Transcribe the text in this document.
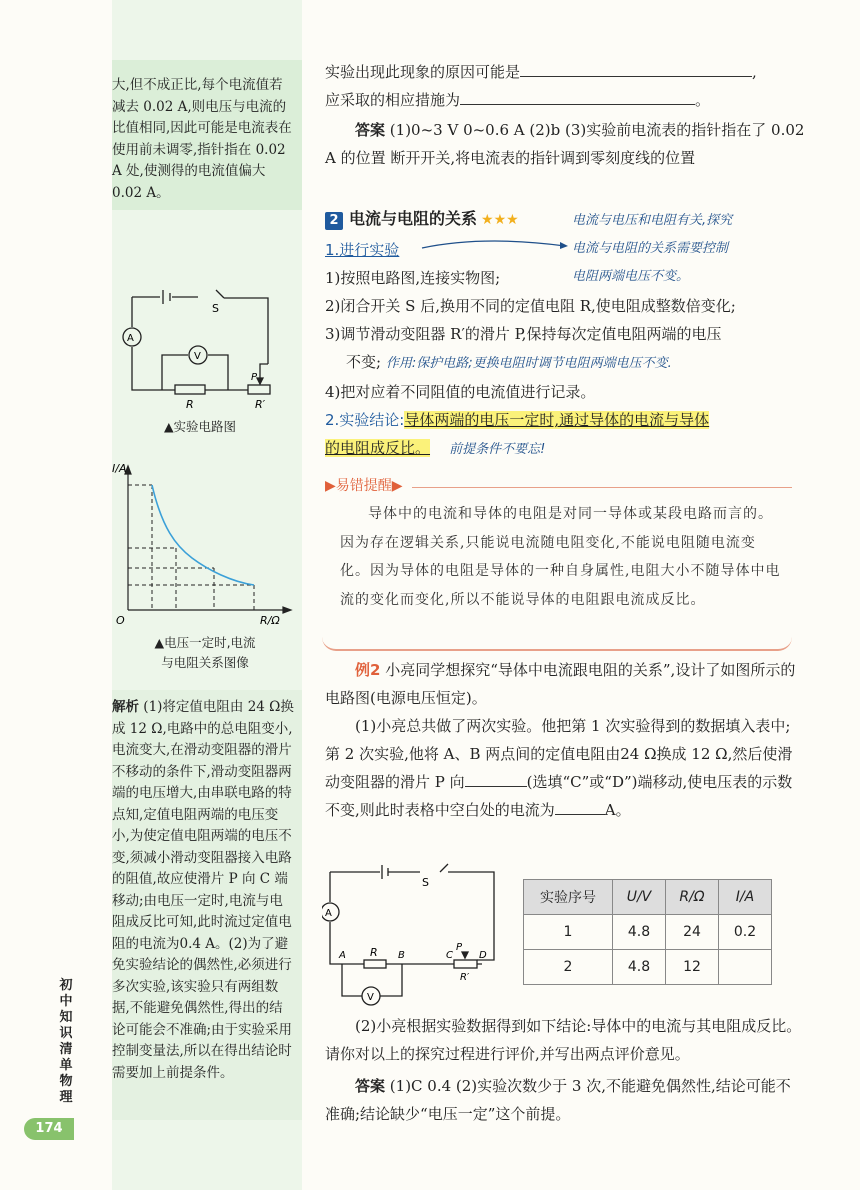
大,但不成正比,每个电流值若减去 0.02 A,则电压与电流的比值相同,因此可能是电流表在使用前未调零,指针指在 0.02 A 处,使测得的电流值偏大 0.02 A。
A
V
S
R	R′
P
▲实验电路图
I/A
R/Ω
O
▲电压一定时,电流
与电阻关系图像
解析 (1)将定值电阻由 24 Ω换成 12 Ω,电路中的总电阻变小,电流变大,在滑动变阻器的滑片不移动的条件下,滑动变阻器两端的电压增大,由串联电路的特点知,定值电阻两端的电压变小,为使定值电阻两端的电压不变,须减小滑动变阻器接入电路的阻值,故应使滑片 P 向 C 端移动;由电压一定时,电流与电阻成反比可知,此时流过定值电阻的电流为0.4 A。(2)为了避免实验结论的偶然性,必须进行多次实验,该实验只有两组数据,不能避免偶然性,得出的结论可能会不准确;由于实验采用控制变量法,所以在得出结论时需要加上前提条件。
初中知识清单 物理
174
实验出现此现象的原因可能是	,
应采取的相应措施为	。
答案 (1)0~3 V 0~0.6 A (2)b (3)实验前电流表的指针指在了 0.02 A 的位置 断开开关,将电流表的指针调到零刻度线的位置
2 电流与电阻的关系 ★★★	电流与电压和电阻有关,探究
电流与电阻的关系需要控制
电阻两端电压不变。
1.进行实验
1)按照电路图,连接实物图;
2)闭合开关 S 后,换用不同的定值电阻 R,使电阻成整数倍变化;
3)调节滑动变阻器 R′的滑片 P,保持每次定值电阻两端的电压
不变; 作用:保护电路;更换电阻时调节电阻两端电压不变.
4)把对应着不同阻值的电流值进行记录。
2.实验结论:导体两端的电压一定时,通过导体的电流与导体
的电阻成反比。 前提条件不要忘!
▶易错提醒▶
导体中的电流和导体的电阻是对同一导体或某段电路而言的。因为存在逻辑关系,只能说电流随电阻变化,不能说电阻随电流变化。因为导体的电阻是导体的一种自身属性,电阻大小不随导体中电流的变化而变化,所以不能说导体的电阻跟电流成反比。
例2 小亮同学想探究“导体中电流跟电阻的关系”,设计了如图所示的电路图(电源电压恒定)。
(1)小亮总共做了两次实验。他把第 1 次实验得到的数据填入表中;第 2 次实验,他将 A、B 两点间的定值电阻由24 Ω换成 12 Ω,然后使滑动变阻器的滑片 P 向	(选填“C”或“D”)端移动,使电压表的示数不变,则此时表格中空白处的电流为	A。
A
V
S
R
A	B	C	D
P
R′
实验序号	U/V	R/Ω	I/A
1	4.8	24	0.2
2	4.8	12	
(2)小亮根据实验数据得到如下结论:导体中的电流与其电阻成反比。请你对以上的探究过程进行评价,并写出两点评价意见。
答案 (1)C 0.4 (2)实验次数少于 3 次,不能避免偶然性,结论可能不准确;结论缺少“电压一定”这个前提。
